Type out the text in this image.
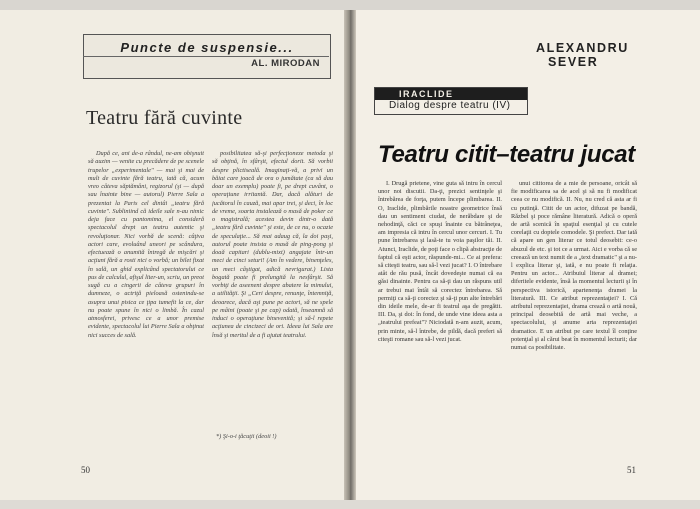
Puncte de suspensie...
AL. MIRODAN
Teatru fără cuvinte

După ce, ani de-a rândul, ne-am obişnuit să auzim — venite cu precădere de pe scenele trupelor „experimentale" — mai şi mai de mult de cuvinte fără teatru, iată că, acum vreo câteva săptămâni, regizorul (şi — după sau înainte bine — autorul) Pierre Sala a prezentat la Paris cel dintâi „teatru fără cuvinte". Subliniind că ideile sale n-au nimic deja face cu pantomima, el consideră spectacolul drept un teatru autentic şi revoluţionar. Nici vorbă de scenă: câţiva actori care, evoluând uneori pe scândura, efectuează o anumită întregă de mişcări şi acţiuni fără a rosti nici o vorbă; un bilet fixat în sală, un ghid explicând spectatorului ce pus de calculul, afişul liter-un, scriu, un preot sugă cu a cingerii de câteva grupuri în dumneze, o actriţă pieloasă ostenindu-se asupra unui pisica ce ţipa tumefit la ce, dar nu poate spune în nici o limbă. În cazul atmosferei, privesc ce a unor premise evidente, spectacolul lui Pierre Sala a obţinut nici succes de sală.

posibilitatea să-şi perfecţioneze metoda şi să obţină, în sfârşit, efectul dorit. Să vorbii despre plictiseală. Imaginaţi-vă, a privi un băiat care joacă de ora o jumătate (ca să dau doar un exemplu) poate fi, pe drept cuvânt, o operaţiune irritantă. Dar, dacă alături de jucătorul în cauză, mai apar trei, şi deci, în loc de vreme, soarta instalează o masă de poker ce o magistrală; acestea devin dintr-o dată „teatru fără cuvinte" şi este, de ce nu, o ocazie de speculaţie... Să mai adaug că, la doi paşi, autorul poate insista o masă de ping-pong şi doaă capitari (dublu-mixt) angajate într-un meci de cinci seturi! (Am în vedere, binenţeles, un meci câştigat, adică nevrigurat.) Lista bogată poate fi prelungită la nesfârşit. Să vorbiţi de aseenent despre abatere la mimului, a utilităţii. Şi „Ceri despre, renunţe, întemniţă, deoarece, dacă aşi pune pe actori, să ne spele pe mâini (poate şi pe cap) odată, înseamnă să induci o operaţiune binevenită; şi să-l repete acţiunea de cincizeci de ori. Ideea lui Sala are însă şi meritul de a fi ajutat teatrului.

*) Şi-o-i ţăcuţii (deoii !)
50
ALEXANDRU
SEVER
IRACLIDE
Dialog despre teatru (IV)
Teatru citit–teatru jucat

I. Drugă prietene, vine guta să intru în cercul unor noi discutii. Da-ţi, prezici sentinţele şi întrebărea de forţa, putem începe plimbarea. II. O, Iraclide, plimbările noastre geometrice însă dau un sentiment ciudat, de nerăbdare şi de nehodinţă, căci ce spuşi înainte cu bătrâneţea, am impresia că intru în cercul unor cercuri. I. Tu pune întrebarea şi lasă-te tu voia paşilor tăi. II. Atunci, Iraclide, de poţi face o clipă abstracţie de faptul că eşti actor, răspunde-mi... Ce ai prefera: să citeşti teatru, sau să-l vezi jucat? I. O întrebare atât de rău pusă, încât dovedeşte numai că ea găsi dinainte. Pentru ca să-ţi dau un răspuns util ar trebui mai întâi să corectez întrebarea. Să permiţi ca să-ţi corectez şi să-ţi pun alte întrebări din ideile mele, de-ar fi teatrul aşa de pregătit. III. Da, şi doi: în fond, de unde vine ideea asta a „teatrului prefeat"? Niciodată n-am auzit, acum, prin minte, să-l întrebe, de pildă, dacă preferi să citeşti romane sau să-l vezi jucat.

unui cititorea de a mie de persoane, oricât să fie modificarea sa de acel şi să nu fi modificat ceea ce nu modifică. II. Nu, nu cred că asta ar fi cu putinţă. Citit de un actor, difuzat pe bandă, Răzbel şi poce rămâne literatură. Adică o operă de artă scenică în spaţiul esenţial şi cu cutele corelaţii cu doptele comodele. Şi prefect. Dar iată că apare un gen literar ce totul deosebit: ce-o abuzul de etc. şi tot ce a urmat. Aici e vorba că se creează un text numit de a „text dramatic" şi a nu-l explica literar şi, iată, e nu poate fi relaţia. Pentru un actor... Atribuiul literar al dramei; diferitele evidente, însă la momentul lecturii şi în perspectiva istorică, apartenenţa dramei la literatură. III. Ce atribut reprezentaţiei? I. Că atributul reprezentaţiei, drama crează o artă nouă, principal deosebită de artă mai veche, a spectacolului, şi anume arta reprezentaţiei dramatice. E un atribut pe care textul îl conţine potenţial şi al cărui beat în momentul lecturii; dar numai ca posibilitate.

51
